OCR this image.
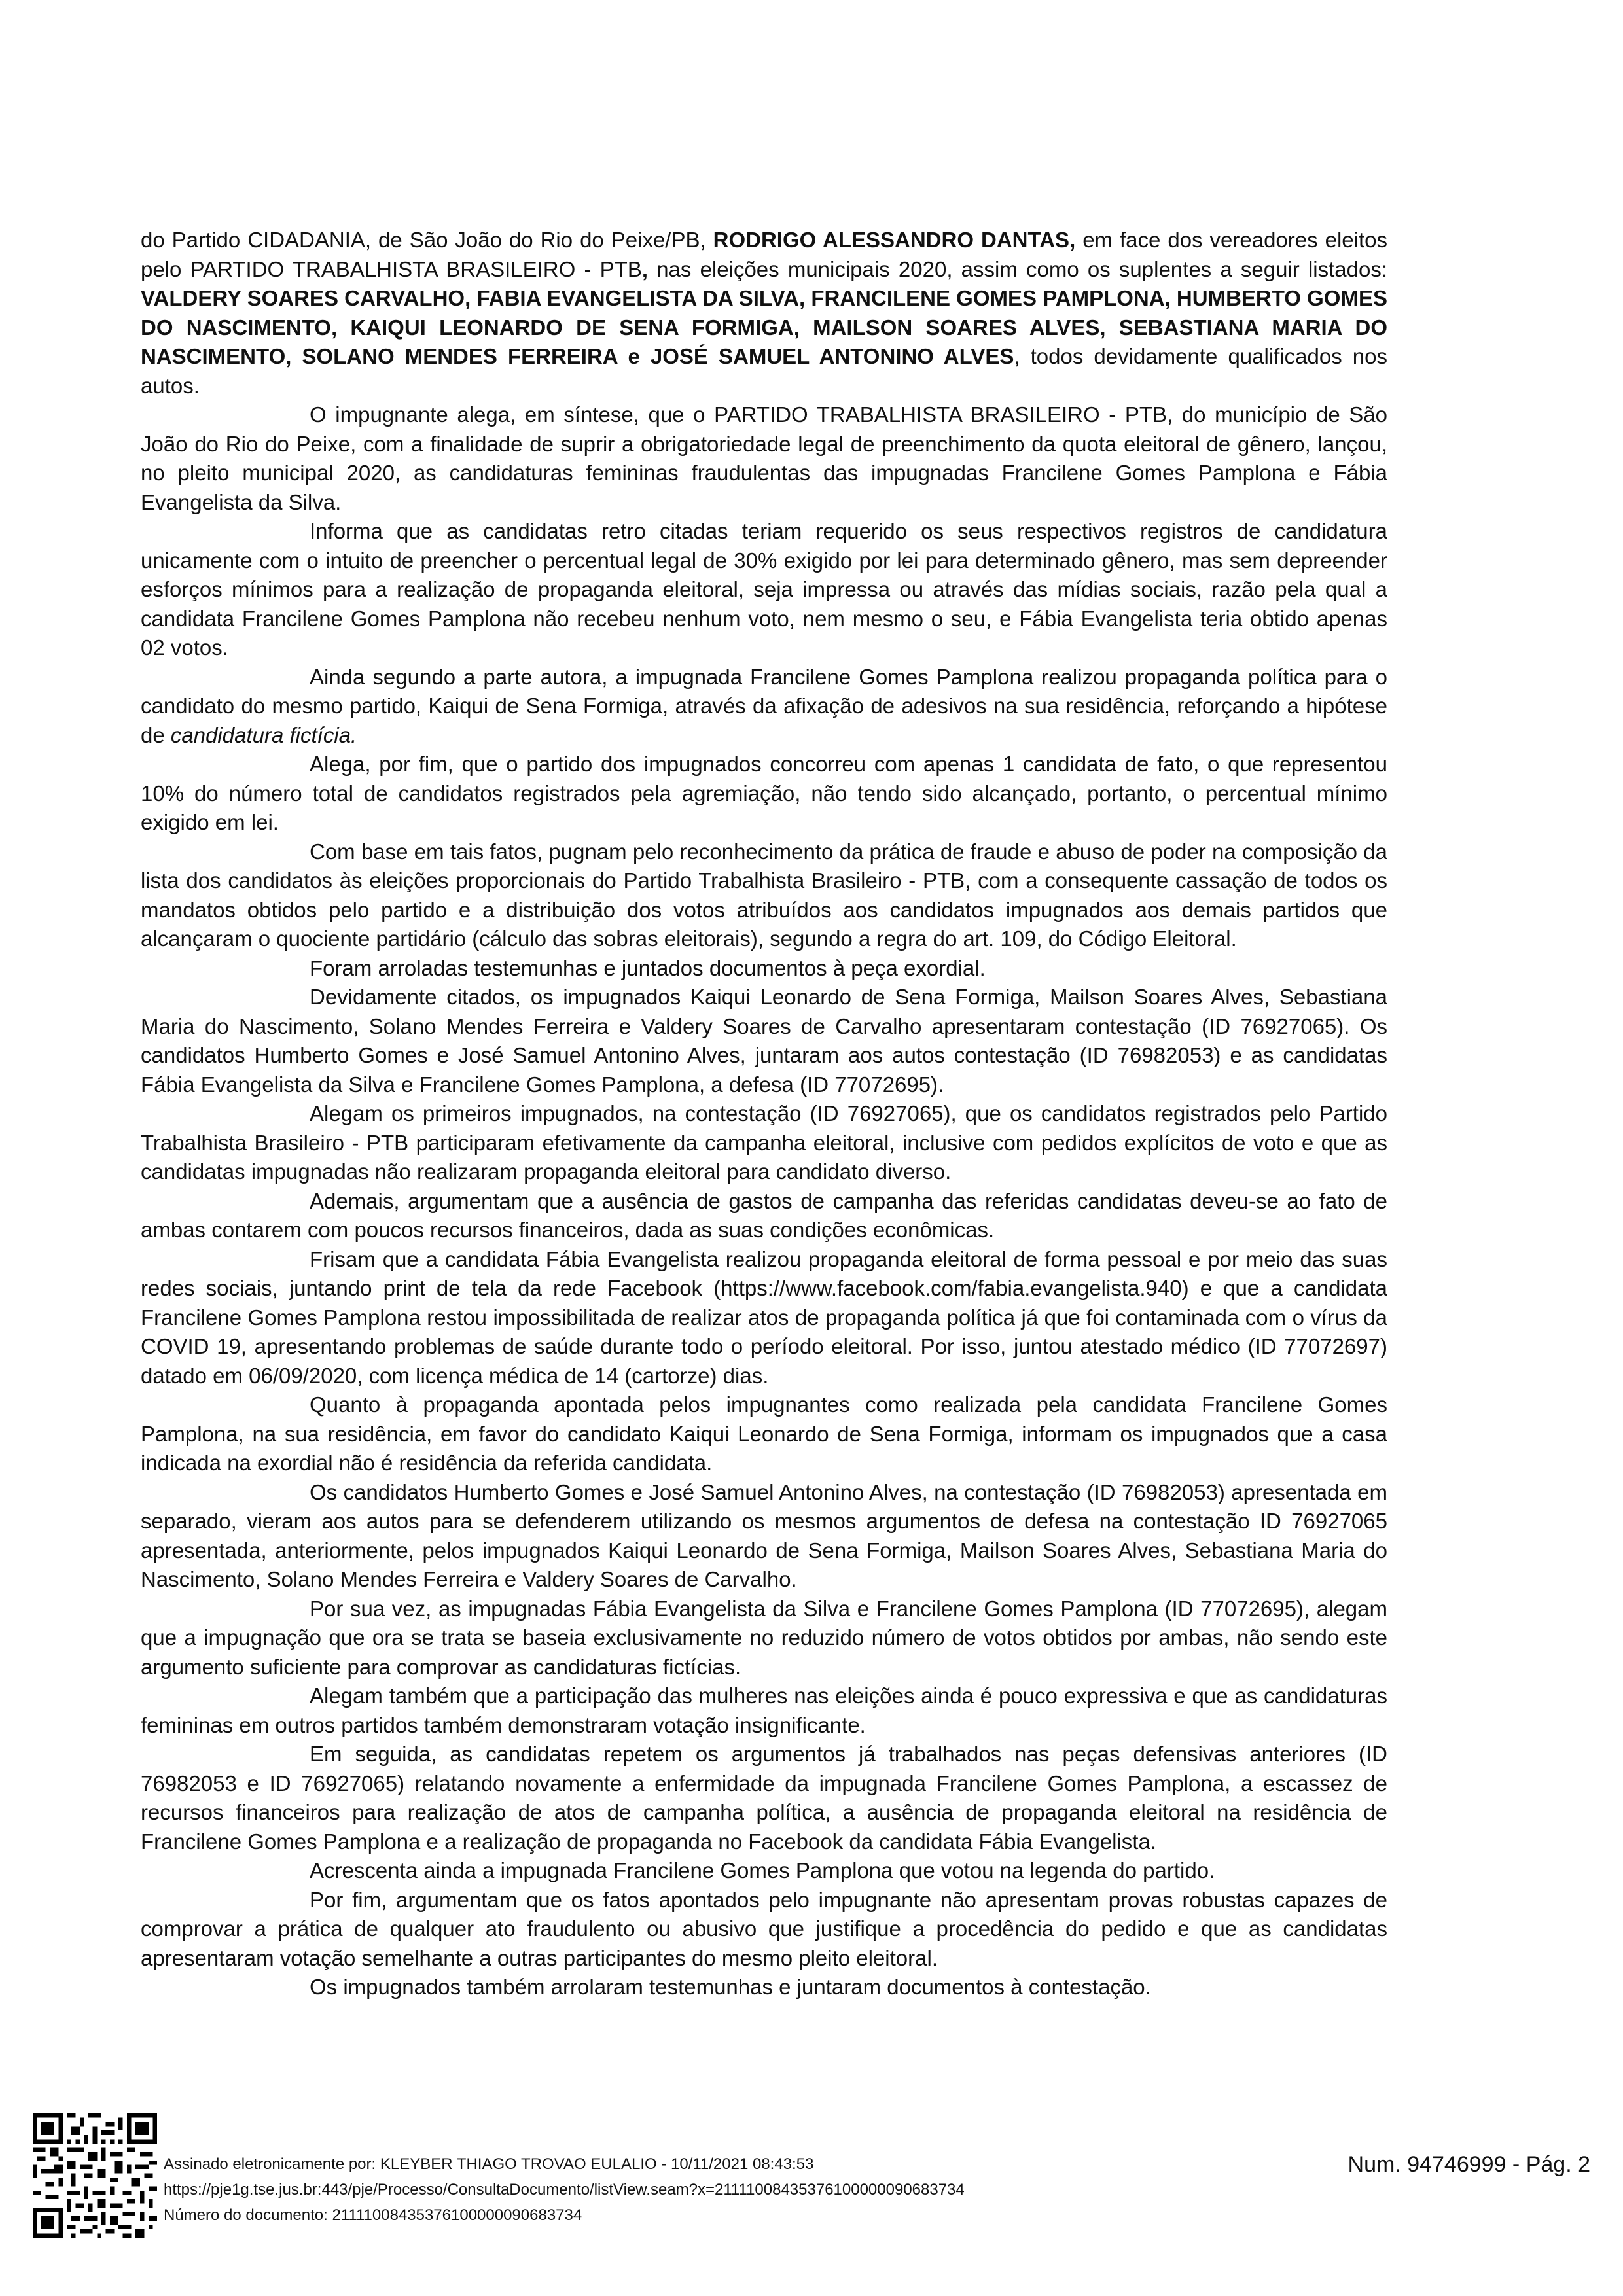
do Partido CIDADANIA, de São João do Rio do Peixe/PB, RODRIGO ALESSANDRO DANTAS, em face dos vereadores eleitos pelo PARTIDO TRABALHISTA BRASILEIRO - PTB, nas eleições municipais 2020, assim como os suplentes a seguir listados: VALDERY SOARES CARVALHO, FABIA EVANGELISTA DA SILVA, FRANCILENE GOMES PAMPLONA, HUMBERTO GOMES DO NASCIMENTO, KAIQUI LEONARDO DE SENA FORMIGA, MAILSON SOARES ALVES, SEBASTIANA MARIA DO NASCIMENTO, SOLANO MENDES FERREIRA e JOSÉ SAMUEL ANTONINO ALVES, todos devidamente qualificados nos autos.

O impugnante alega, em síntese, que o PARTIDO TRABALHISTA BRASILEIRO - PTB, do município de São João do Rio do Peixe, com a finalidade de suprir a obrigatoriedade legal de preenchimento da quota eleitoral de gênero, lançou, no pleito municipal 2020, as candidaturas femininas fraudulentas das impugnadas Francilene Gomes Pamplona e Fábia Evangelista da Silva.

Informa que as candidatas retro citadas teriam requerido os seus respectivos registros de candidatura unicamente com o intuito de preencher o percentual legal de 30% exigido por lei para determinado gênero, mas sem depreender esforços mínimos para a realização de propaganda eleitoral, seja impressa ou através das mídias sociais, razão pela qual a candidata Francilene Gomes Pamplona não recebeu nenhum voto, nem mesmo o seu, e Fábia Evangelista teria obtido apenas 02 votos.

Ainda segundo a parte autora, a impugnada Francilene Gomes Pamplona realizou propaganda política para o candidato do mesmo partido, Kaiqui de Sena Formiga, através da afixação de adesivos na sua residência, reforçando a hipótese de candidatura fictícia.

Alega, por fim, que o partido dos impugnados concorreu com apenas 1 candidata de fato, o que representou 10% do número total de candidatos registrados pela agremiação, não tendo sido alcançado, portanto, o percentual mínimo exigido em lei.

Com base em tais fatos, pugnam pelo reconhecimento da prática de fraude e abuso de poder na composição da lista dos candidatos às eleições proporcionais do Partido Trabalhista Brasileiro - PTB, com a consequente cassação de todos os mandatos obtidos pelo partido e a distribuição dos votos atribuídos aos candidatos impugnados aos demais partidos que alcançaram o quociente partidário (cálculo das sobras eleitorais), segundo a regra do art. 109, do Código Eleitoral.

Foram arroladas testemunhas e juntados documentos à peça exordial.

Devidamente citados, os impugnados Kaiqui Leonardo de Sena Formiga, Mailson Soares Alves, Sebastiana Maria do Nascimento, Solano Mendes Ferreira e Valdery Soares de Carvalho apresentaram contestação (ID 76927065). Os candidatos Humberto Gomes e José Samuel Antonino Alves, juntaram aos autos contestação (ID 76982053) e as candidatas Fábia Evangelista da Silva e Francilene Gomes Pamplona, a defesa (ID 77072695).

Alegam os primeiros impugnados, na contestação (ID 76927065), que os candidatos registrados pelo Partido Trabalhista Brasileiro - PTB participaram efetivamente da campanha eleitoral, inclusive com pedidos explícitos de voto e que as candidatas impugnadas não realizaram propaganda eleitoral para candidato diverso.

Ademais, argumentam que a ausência de gastos de campanha das referidas candidatas deveu-se ao fato de ambas contarem com poucos recursos financeiros, dada as suas condições econômicas.

Frisam que a candidata Fábia Evangelista realizou propaganda eleitoral de forma pessoal e por meio das suas redes sociais, juntando print de tela da rede Facebook (https://www.facebook.com/fabia.evangelista.940) e que a candidata Francilene Gomes Pamplona restou impossibilitada de realizar atos de propaganda política já que foi contaminada com o vírus da COVID 19, apresentando problemas de saúde durante todo o período eleitoral. Por isso, juntou atestado médico (ID 77072697) datado em 06/09/2020, com licença médica de 14 (cartorze) dias.

Quanto à propaganda apontada pelos impugnantes como realizada pela candidata Francilene Gomes Pamplona, na sua residência, em favor do candidato Kaiqui Leonardo de Sena Formiga, informam os impugnados que a casa indicada na exordial não é residência da referida candidata.

Os candidatos Humberto Gomes e José Samuel Antonino Alves, na contestação (ID 76982053) apresentada em separado, vieram aos autos para se defenderem utilizando os mesmos argumentos de defesa na contestação ID 76927065 apresentada, anteriormente, pelos impugnados Kaiqui Leonardo de Sena Formiga, Mailson Soares Alves, Sebastiana Maria do Nascimento, Solano Mendes Ferreira e Valdery Soares de Carvalho.

Por sua vez, as impugnadas Fábia Evangelista da Silva e Francilene Gomes Pamplona (ID 77072695), alegam que a impugnação que ora se trata se baseia exclusivamente no reduzido número de votos obtidos por ambas, não sendo este argumento suficiente para comprovar as candidaturas fictícias.

Alegam também que a participação das mulheres nas eleições ainda é pouco expressiva e que as candidaturas femininas em outros partidos também demonstraram votação insignificante.

Em seguida, as candidatas repetem os argumentos já trabalhados nas peças defensivas anteriores (ID 76982053 e ID 76927065) relatando novamente a enfermidade da impugnada Francilene Gomes Pamplona, a escassez de recursos financeiros para realização de atos de campanha política, a ausência de propaganda eleitoral na residência de Francilene Gomes Pamplona e a realização de propaganda no Facebook da candidata Fábia Evangelista.

Acrescenta ainda a impugnada Francilene Gomes Pamplona que votou na legenda do partido.

Por fim, argumentam que os fatos apontados pelo impugnante não apresentam provas robustas capazes de comprovar a prática de qualquer ato fraudulento ou abusivo que justifique a procedência do pedido e que as candidatas apresentaram votação semelhante a outras participantes do mesmo pleito eleitoral.

Os impugnados também arrolaram testemunhas e juntaram documentos à contestação.

Assinado eletronicamente por: KLEYBER THIAGO TROVAO EULALIO - 10/11/2021 08:43:53
https://pje1g.tse.jus.br:443/pje/Processo/ConsultaDocumento/listView.seam?x=21111008435376100000090683734
Número do documento: 21111008435376100000090683734
Num. 94746999 - Pág. 2
